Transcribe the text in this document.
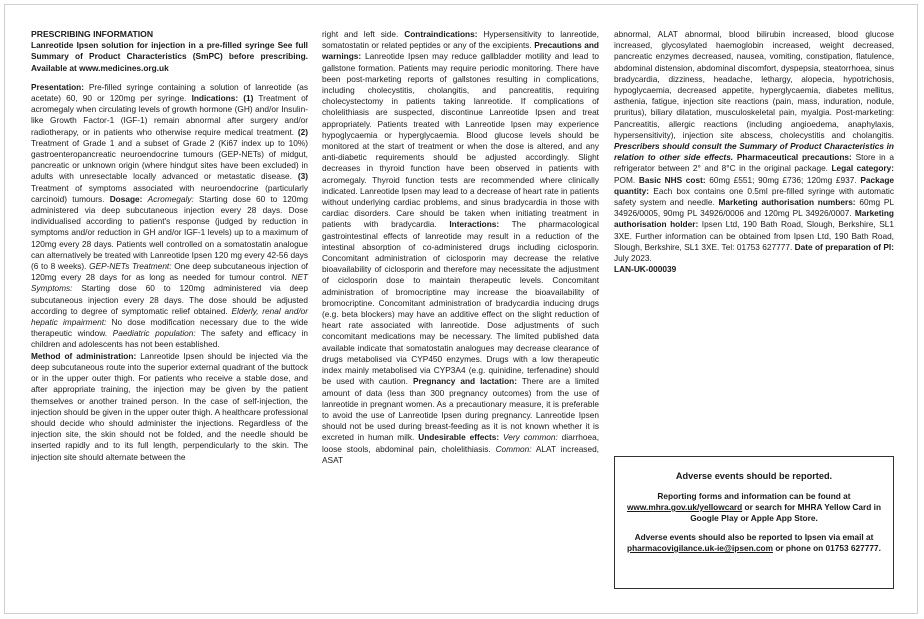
PRESCRIBING INFORMATION

Lanreotide Ipsen solution for injection in a pre-filled syringe See full Summary of Product Characteristics (SmPC) before prescribing. Available at www.medicines.org.uk

Presentation: Pre-filled syringe containing a solution of lanreotide (as acetate) 60, 90 or 120mg per syringe. Indications: (1) Treatment of acromegaly when circulating levels of growth hormone (GH) and/or Insulin-like Growth Factor-1 (IGF-1) remain abnormal after surgery and/or radiotherapy, or in patients who otherwise require medical treatment. (2) Treatment of Grade 1 and a subset of Grade 2 (Ki67 index up to 10%) gastroenteropancreatic neuroendocrine tumours (GEP-NETs) of midgut, pancreatic or unknown origin (where hindgut sites have been excluded) in adults with unresectable locally advanced or metastatic disease. (3) Treatment of symptoms associated with neuroendocrine (particularly carcinoid) tumours. Dosage: Acromegaly: Starting dose 60 to 120mg administered via deep subcutaneous injection every 28 days. Dose individualised according to patient's response (judged by reduction in symptoms and/or reduction in GH and/or IGF-1 levels) up to a maximum of 120mg every 28 days. Patients well controlled on a somatostatin analogue can alternatively be treated with Lanreotide Ipsen 120 mg every 42-56 days (6 to 8 weeks). GEP-NETs Treatment: One deep subcutaneous injection of 120mg every 28 days for as long as needed for tumour control. NET Symptoms: Starting dose 60 to 120mg administered via deep subcutaneous injection every 28 days. The dose should be adjusted according to degree of symptomatic relief obtained. Elderly, renal and/or hepatic impairment: No dose modification necessary due to the wide therapeutic window. Paediatric population: The safety and efficacy in children and adolescents has not been established.

Method of administration: Lanreotide Ipsen should be injected via the deep subcutaneous route into the superior external quadrant of the buttock or in the upper outer thigh. For patients who receive a stable dose, and after appropriate training, the injection may be given by the patient themselves or another trained person. In the case of self-injection, the injection should be given in the upper outer thigh. A healthcare professional should decide who should administer the injections. Regardless of the injection site, the skin should not be folded, and the needle should be inserted rapidly and to its full length, perpendicularly to the skin. The injection site should alternate between the

right and left side. Contraindications: Hypersensitivity to lanreotide, somatostatin or related peptides or any of the excipients. Precautions and warnings: Lanreotide Ipsen may reduce gallbladder motility and lead to gallstone formation. Patients may require periodic monitoring. There have been post-marketing reports of gallstones resulting in complications, including cholecystitis, cholangitis, and pancreatitis, requiring cholecystectomy in patients taking lanreotide. If complications of cholelithiasis are suspected, discontinue Lanreotide Ipsen and treat appropriately. Patients treated with Lanreotide Ipsen may experience hypoglycaemia or hyperglycaemia. Blood glucose levels should be monitored at the start of treatment or when the dose is altered, and any anti-diabetic requirements should be adjusted accordingly. Slight decreases in thyroid function have been observed in patients with acromegaly. Thyroid function tests are recommended where clinically indicated. Lanreotide Ipsen may lead to a decrease of heart rate in patients without underlying cardiac problems, and sinus bradycardia in those with cardiac disorders. Care should be taken when initiating treatment in patients with bradycardia. Interactions: The pharmacological gastrointestinal effects of lanreotide may result in a reduction of the intestinal absorption of co-administered drugs including ciclosporin. Concomitant administration of ciclosporin may decrease the relative bioavailability of ciclosporin and therefore may necessitate the adjustment of ciclosporin dose to maintain therapeutic levels. Concomitant administration of bromocriptine may increase the bioavailability of bromocriptine. Concomitant administration of bradycardia inducing drugs (e.g. beta blockers) may have an additive effect on the slight reduction of heart rate associated with lanreotide. Dose adjustments of such concomitant medications may be necessary. The limited published data available indicate that somatostatin analogues may decrease clearance of drugs metabolised via CYP450 enzymes. Drugs with a low therapeutic index mainly metabolised via CYP3A4 (e.g. quinidine, terfenadine) should be used with caution. Pregnancy and lactation: There are a limited amount of data (less than 300 pregnancy outcomes) from the use of lanreotide in pregnant women. As a precautionary measure, it is preferable to avoid the use of Lanreotide Ipsen during pregnancy. Lanreotide Ipsen should not be used during breast-feeding as it is not known whether it is excreted in human milk. Undesirable effects: Very common: diarrhoea, loose stools, abdominal pain, cholelithiasis. Common: ALAT increased, ASAT

abnormal, ALAT abnormal, blood bilirubin increased, blood glucose increased, glycosylated haemoglobin increased, weight decreased, pancreatic enzymes decreased, nausea, vomiting, constipation, flatulence, abdominal distension, abdominal discomfort, dyspepsia, steatorrhoea, sinus bradycardia, dizziness, headache, lethargy, alopecia, hypotrichosis, hypoglycaemia, decreased appetite, hyperglycaemia, diabetes mellitus, asthenia, fatigue, injection site reactions (pain, mass, induration, nodule, pruritus), biliary dilatation, musculoskeletal pain, myalgia. Post-marketing: Pancreatitis, allergic reactions (including angioedema, anaphylaxis, hypersensitivity), injection site abscess, cholecystitis and cholangitis. Prescribers should consult the Summary of Product Characteristics in relation to other side effects. Pharmaceutical precautions: Store in a refrigerator between 2° and 8°C in the original package. Legal category: POM. Basic NHS cost: 60mg £551; 90mg £736; 120mg £937. Package quantity: Each box contains one 0.5ml pre-filled syringe with automatic safety system and needle. Marketing authorisation numbers: 60mg PL 34926/0005, 90mg PL 34926/0006 and 120mg PL 34926/0007. Marketing authorisation holder: Ipsen Ltd, 190 Bath Road, Slough, Berkshire, SL1 3XE. Further information can be obtained from Ipsen Ltd, 190 Bath Road, Slough, Berkshire, SL1 3XE. Tel: 01753 627777. Date of preparation of PI: July 2023.

LAN-UK-000039

Adverse events should be reported.

Reporting forms and information can be found at www.mhra.gov.uk/yellowcard or search for MHRA Yellow Card in Google Play or Apple App Store.

Adverse events should also be reported to Ipsen via email at pharmacovigilance.uk-ie@ipsen.com or phone on 01753 627777.
